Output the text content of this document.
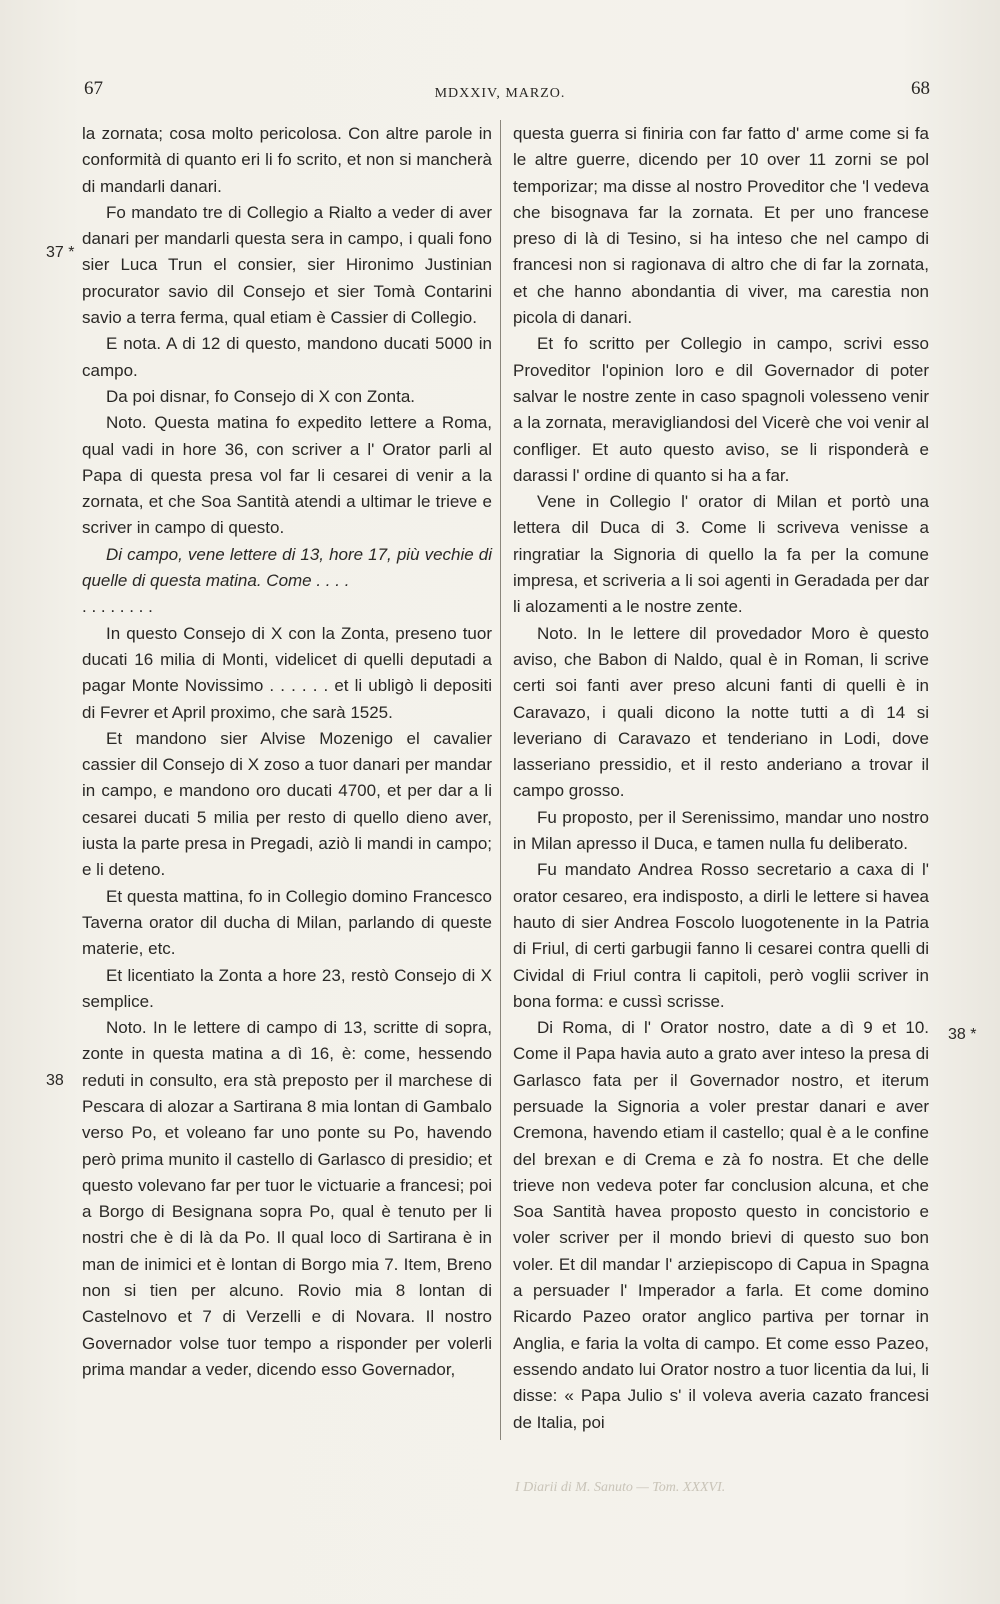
67	MDXXIV, MARZO.	68
37 *
38
38 *

la zornata; cosa molto pericolosa. Con altre parole in conformità di quanto eri li fo scrito, et non si mancherà di mandarli danari.

Fo mandato tre di Collegio a Rialto a veder di aver danari per mandarli questa sera in campo, i quali fono sier Luca Trun el consier, sier Hironimo Justinian procurator savio dil Consejo et sier Tomà Contarini savio a terra ferma, qual etiam è Cassier di Collegio.

E nota. A di 12 di questo, mandono ducati 5000 in campo.

Da poi disnar, fo Consejo di X con Zonta.

Noto. Questa matina fo expedito lettere a Roma, qual vadi in hore 36, con scriver a l' Orator parli al Papa di questa presa vol far li cesarei di venir a la zornata, et che Soa Santità atendi a ultimar le trieve e scriver in campo di questo.

Di campo, vene lettere di 13, hore 17, più vechie di quelle di questa matina. Come . . . .

. . . . . . . .

In questo Consejo di X con la Zonta, preseno tuor ducati 16 milia di Monti, videlicet di quelli deputadi a pagar Monte Novissimo . . . . . . et li ubligò li depositi di Fevrer et April proximo, che sarà 1525.

Et mandono sier Alvise Mozenigo el cavalier cassier dil Consejo di X zoso a tuor danari per mandar in campo, e mandono oro ducati 4700, et per dar a li cesarei ducati 5 milia per resto di quello dieno aver, iusta la parte presa in Pregadi, aziò li mandi in campo; e li deteno.

Et questa mattina, fo in Collegio domino Francesco Taverna orator dil ducha di Milan, parlando di queste materie, etc.

Et licentiato la Zonta a hore 23, restò Consejo di X semplice.

Noto. In le lettere di campo di 13, scritte di sopra, zonte in questa matina a dì 16, è: come, hessendo reduti in consulto, era stà preposto per il marchese di Pescara di alozar a Sartirana 8 mia lontan di Gambalo verso Po, et voleano far uno ponte su Po, havendo però prima munito il castello di Garlasco di presidio; et questo volevano far per tuor le victuarie a francesi; poi a Borgo di Besignana sopra Po, qual è tenuto per li nostri che è di là da Po. Il qual loco di Sartirana è in man de inimici et è lontan di Borgo mia 7. Item, Breno non si tien per alcuno. Rovio mia 8 lontan di Castelnovo et 7 di Verzelli e di Novara. Il nostro Governador volse tuor tempo a risponder per volerli prima mandar a veder, dicendo esso Governador,

questa guerra si finiria con far fatto d' arme come si fa le altre guerre, dicendo per 10 over 11 zorni se pol temporizar; ma disse al nostro Proveditor che 'l vedeva che bisognava far la zornata. Et per uno francese preso di là di Tesino, si ha inteso che nel campo di francesi non si ragionava di altro che di far la zornata, et che hanno abondantia di viver, ma carestia non picola di danari.

Et fo scritto per Collegio in campo, scrivi esso Proveditor l'opinion loro e dil Governador di poter salvar le nostre zente in caso spagnoli volesseno venir a la zornata, meravigliandosi del Vicerè che voi venir al confliger. Et auto questo aviso, se li risponderà e darassi l' ordine di quanto si ha a far.

Vene in Collegio l' orator di Milan et portò una lettera dil Duca di 3. Come li scriveva venisse a ringratiar la Signoria di quello la fa per la comune impresa, et scriveria a li soi agenti in Geradada per dar li alozamenti a le nostre zente.

Noto. In le lettere dil provedador Moro è questo aviso, che Babon di Naldo, qual è in Roman, li scrive certi soi fanti aver preso alcuni fanti di quelli è in Caravazo, i quali dicono la notte tutti a dì 14 si leveriano di Caravazo et tenderiano in Lodi, dove lasseriano pressidio, et il resto anderiano a trovar il campo grosso.

Fu proposto, per il Serenissimo, mandar uno nostro in Milan apresso il Duca, e tamen nulla fu deliberato.

Fu mandato Andrea Rosso secretario a caxa di l' orator cesareo, era indisposto, a dirli le lettere si havea hauto di sier Andrea Foscolo luogotenente in la Patria di Friul, di certi garbugii fanno li cesarei contra quelli di Cividal di Friul contra li capitoli, però voglii scriver in bona forma: e cussì scrisse.

Di Roma, di l' Orator nostro, date a dì 9 et 10. Come il Papa havia auto a grato aver inteso la presa di Garlasco fata per il Governador nostro, et iterum persuade la Signoria a voler prestar danari e aver Cremona, havendo etiam il castello; qual è a le confine del brexan e di Crema e zà fo nostra. Et che delle trieve non vedeva poter far conclusion alcuna, et che Soa Santità havea proposto questo in concistorio e voler scriver per il mondo brievi di questo suo bon voler. Et dil mandar l' arziepiscopo di Capua in Spagna a persuader l' Imperador a farla. Et come domino Ricardo Pazeo orator anglico partiva per tornar in Anglia, e faria la volta di campo. Et come esso Pazeo, essendo andato lui Orator nostro a tuor licentia da lui, li disse: « Papa Julio s' il voleva averia cazato francesi de Italia, poi

I Diarii di M. Sanuto — Tom. XXXVI.
